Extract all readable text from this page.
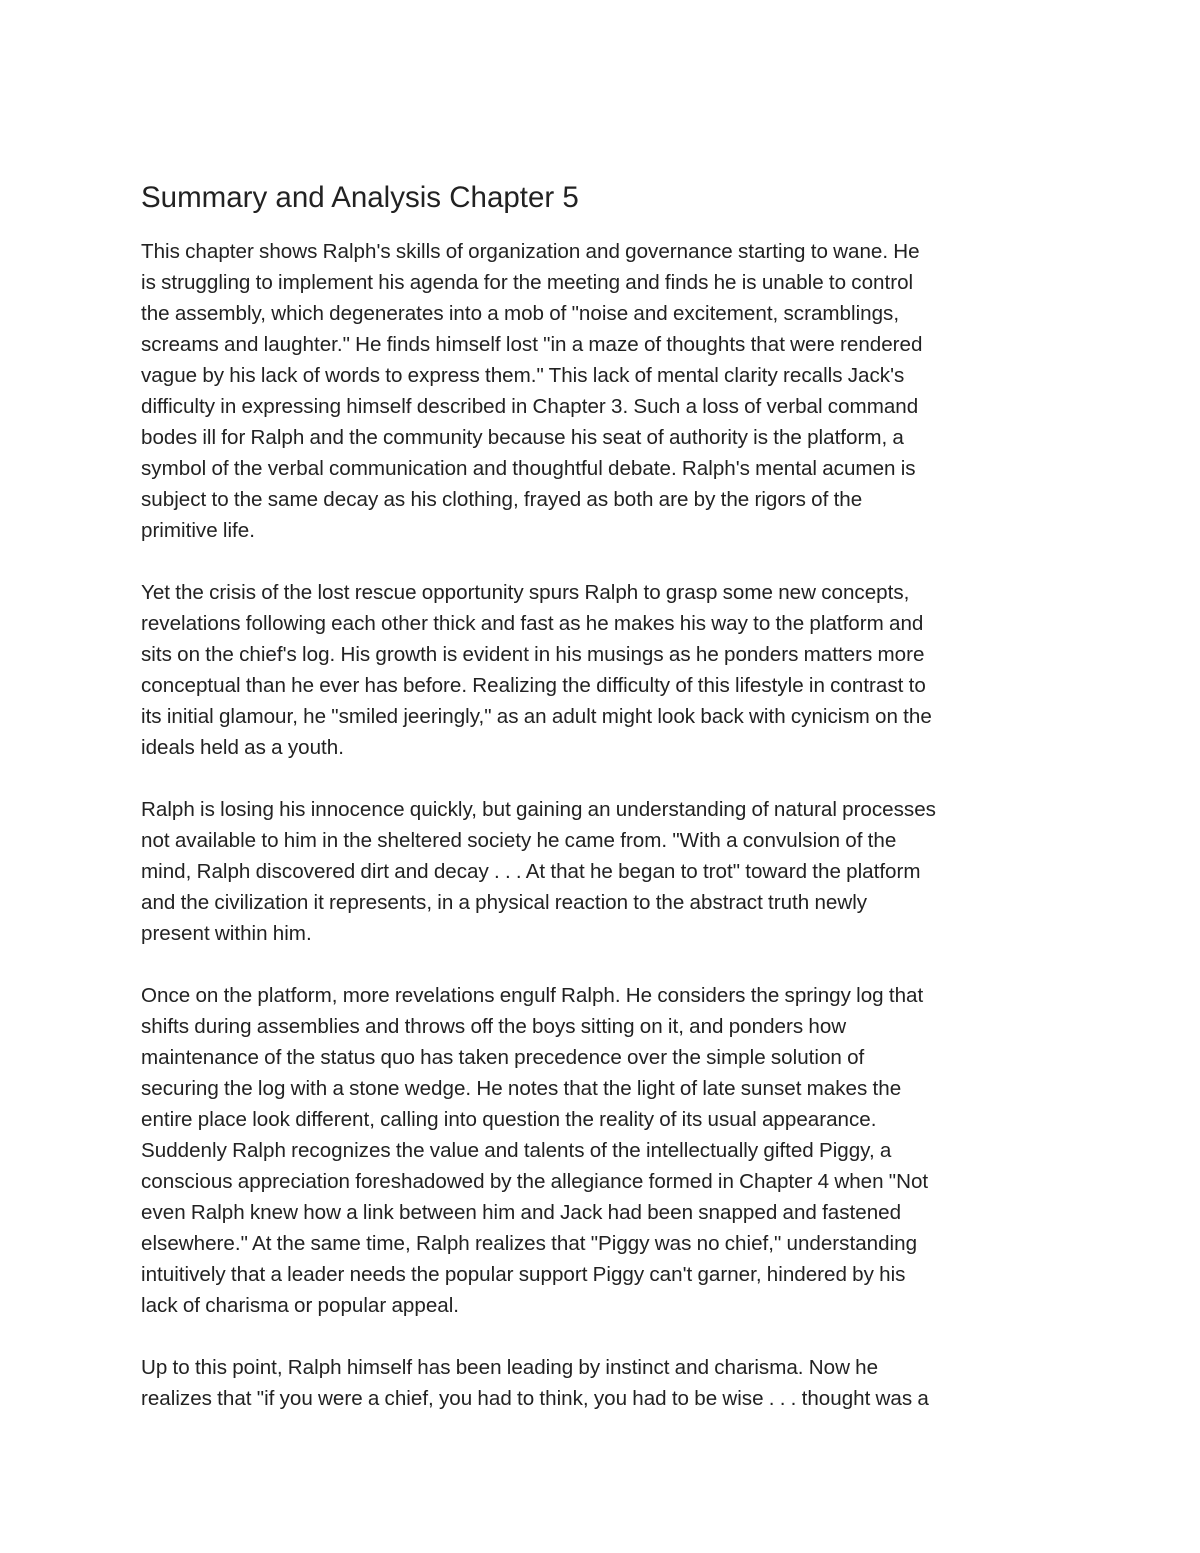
Summary and Analysis Chapter 5

This chapter shows Ralph's skills of organization and governance starting to wane. He
is struggling to implement his agenda for the meeting and finds he is unable to control
the assembly, which degenerates into a mob of "noise and excitement, scramblings,
screams and laughter." He finds himself lost "in a maze of thoughts that were rendered
vague by his lack of words to express them." This lack of mental clarity recalls Jack's
difficulty in expressing himself described in Chapter 3. Such a loss of verbal command
bodes ill for Ralph and the community because his seat of authority is the platform, a
symbol of the verbal communication and thoughtful debate. Ralph's mental acumen is
subject to the same decay as his clothing, frayed as both are by the rigors of the
primitive life.

Yet the crisis of the lost rescue opportunity spurs Ralph to grasp some new concepts,
revelations following each other thick and fast as he makes his way to the platform and
sits on the chief's log. His growth is evident in his musings as he ponders matters more
conceptual than he ever has before. Realizing the difficulty of this lifestyle in contrast to
its initial glamour, he "smiled jeeringly," as an adult might look back with cynicism on the
ideals held as a youth.

Ralph is losing his innocence quickly, but gaining an understanding of natural processes
not available to him in the sheltered society he came from. "With a convulsion of the
mind, Ralph discovered dirt and decay . . . At that he began to trot" toward the platform
and the civilization it represents, in a physical reaction to the abstract truth newly
present within him.

Once on the platform, more revelations engulf Ralph. He considers the springy log that
shifts during assemblies and throws off the boys sitting on it, and ponders how
maintenance of the status quo has taken precedence over the simple solution of
securing the log with a stone wedge. He notes that the light of late sunset makes the
entire place look different, calling into question the reality of its usual appearance.
Suddenly Ralph recognizes the value and talents of the intellectually gifted Piggy, a
conscious appreciation foreshadowed by the allegiance formed in Chapter 4 when "Not
even Ralph knew how a link between him and Jack had been snapped and fastened
elsewhere." At the same time, Ralph realizes that "Piggy was no chief," understanding
intuitively that a leader needs the popular support Piggy can't garner, hindered by his
lack of charisma or popular appeal.

Up to this point, Ralph himself has been leading by instinct and charisma. Now he
realizes that "if you were a chief, you had to think, you had to be wise . . . thought was a
